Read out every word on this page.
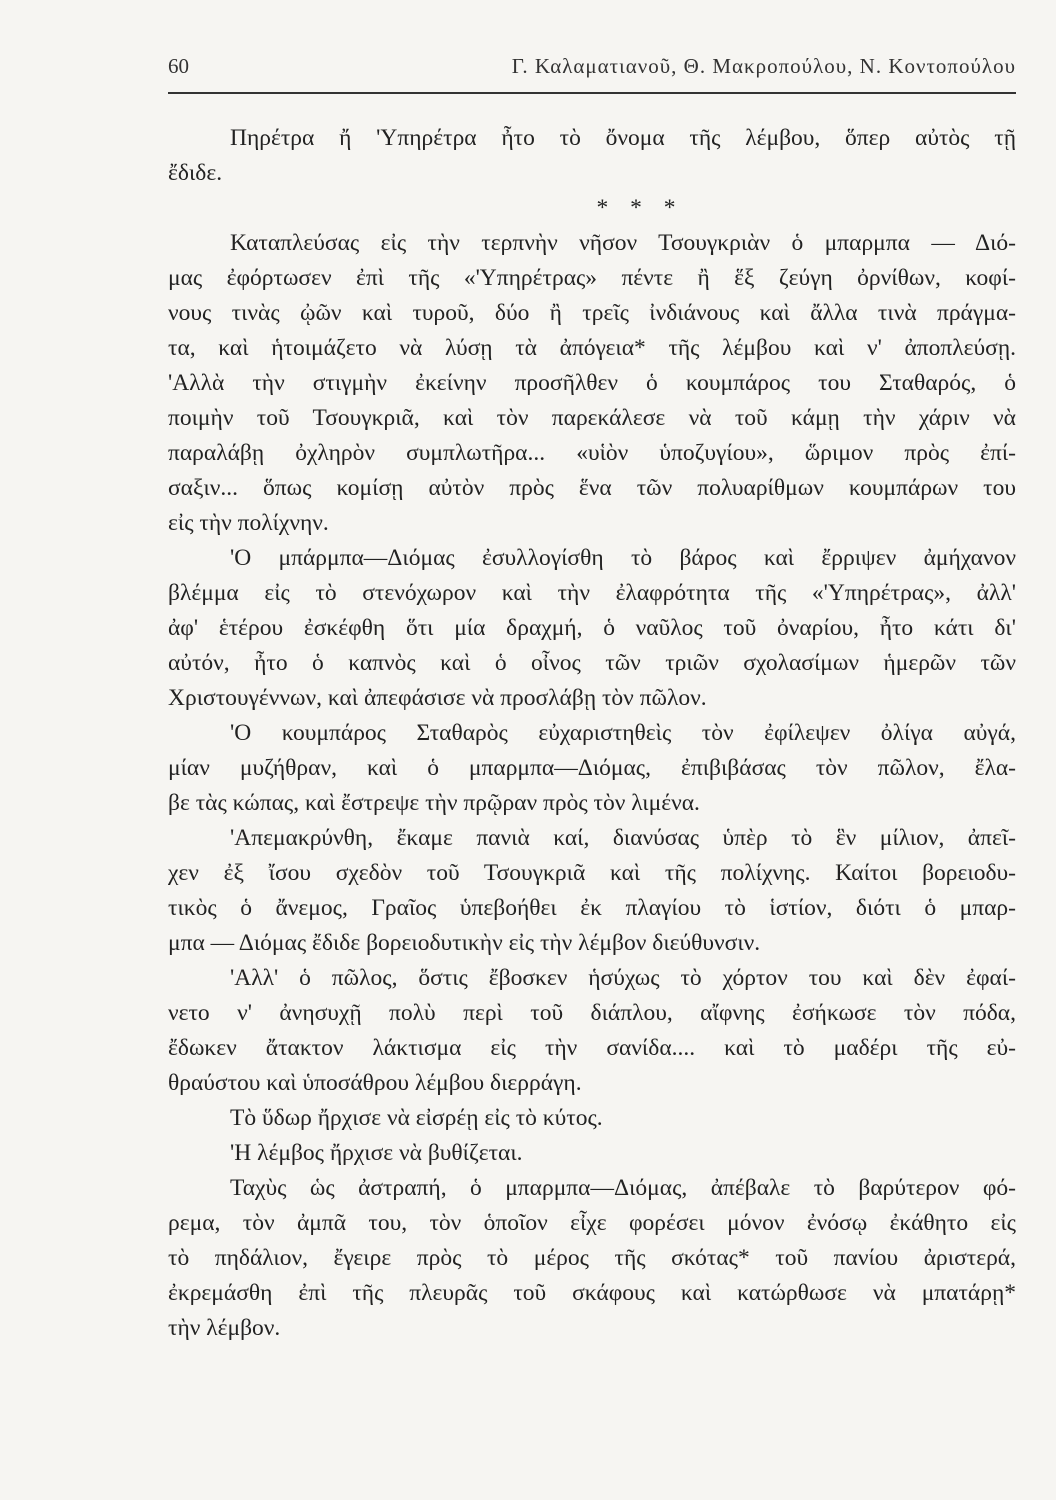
60	Γ. Καλαματιανοῦ, Θ. Μακροπούλου, Ν. Κοντοπούλου
Πηρέτρα ἤ 'Υπηρέτρα ἦτο τὸ ὄνομα τῆς λέμβου, ὅπερ αὐτὸς τῇ
ἔδιδε.
* * *
Καταπλεύσας εἰς τὴν τερπνὴν νῆσον Τσουγκριὰν ὁ μπαρμπα — Διό-
μας ἐφόρτωσεν ἐπὶ τῆς «'Υπηρέτρας» πέντε ἢ ἕξ ζεύγη ὀρνίθων, κοφί-
νους τινὰς ᾠῶν καὶ τυροῦ, δύο ἢ τρεῖς ἰνδιάνους καὶ ἄλλα τινὰ πράγμα-
τα, καὶ ἡτοιμάζετο νὰ λύσῃ τὰ ἀπόγεια* τῆς λέμβου καὶ ν' ἀποπλεύσῃ.
'Αλλὰ τὴν στιγμὴν ἐκείνην προσῆλθεν ὁ κουμπάρος του Σταθαρός, ὁ
ποιμὴν τοῦ Τσουγκριᾶ, καὶ τὸν παρεκάλεσε νὰ τοῦ κάμῃ τὴν χάριν νὰ
παραλάβῃ ὀχληρὸν συμπλωτῆρα... «υἱὸν ὑποζυγίου», ὥριμον πρὸς ἐπί-
σαξιν... ὅπως κομίσῃ αὐτὸν πρὸς ἕνα τῶν πολυαρίθμων κουμπάρων του
εἰς τὴν πολίχνην.
'Ο μπάρμπα—Διόμας ἐσυλλογίσθη τὸ βάρος καὶ ἔρριψεν ἀμήχανον
βλέμμα εἰς τὸ στενόχωρον καὶ τὴν ἐλαφρότητα τῆς «'Υπηρέτρας», ἀλλ'
ἀφ' ἑτέρου ἐσκέφθη ὅτι μία δραχμή, ὁ ναῦλος τοῦ ὀναρίου, ἦτο κάτι δι'
αὐτόν, ἦτο ὁ καπνὸς καὶ ὁ οἶνος τῶν τριῶν σχολασίμων ἡμερῶν τῶν
Χριστουγέννων, καὶ ἀπεφάσισε νὰ προσλάβῃ τὸν πῶλον.
'Ο κουμπάρος Σταθαρὸς εὐχαριστηθεὶς τὸν ἐφίλεψεν ὀλίγα αὐγά,
μίαν μυζήθραν, καὶ ὁ μπαρμπα—Διόμας, ἐπιβιβάσας τὸν πῶλον, ἔλα-
βε τὰς κώπας, καὶ ἔστρεψε τὴν πρῷραν πρὸς τὸν λιμένα.
'Απεμακρύνθη, ἔκαμε πανιὰ καί, διανύσας ὑπὲρ τὸ ἓν μίλιον, ἀπεῖ-
χεν ἐξ ἴσου σχεδὸν τοῦ Τσουγκριᾶ καὶ τῆς πολίχνης. Καίτοι βορειοδυ-
τικὸς ὁ ἄνεμος, Γραῖος ὑπεβοήθει ἐκ πλαγίου τὸ ἱστίον, διότι ὁ μπαρ-
μπα — Διόμας ἔδιδε βορειοδυτικὴν εἰς τὴν λέμβον διεύθυνσιν.
'Αλλ' ὁ πῶλος, ὅστις ἔβοσκεν ἡσύχως τὸ χόρτον του καὶ δὲν ἐφαί-
νετο ν' ἀνησυχῇ πολὺ περὶ τοῦ διάπλου, αἴφνης ἐσήκωσε τὸν πόδα,
ἔδωκεν ἄτακτον λάκτισμα εἰς τὴν σανίδα.... καὶ τὸ μαδέρι τῆς εὐ-
θραύστου καὶ ὑποσάθρου λέμβου διερράγη.
Τὸ ὕδωρ ἤρχισε νὰ εἰσρέῃ εἰς τὸ κύτος.
'Η λέμβος ἤρχισε νὰ βυθίζεται.
Ταχὺς ὡς ἀστραπή, ὁ μπαρμπα—Διόμας, ἀπέβαλε τὸ βαρύτερον φό-
ρεμα, τὸν ἀμπᾶ του, τὸν ὁποῖον εἶχε φορέσει μόνον ἐνόσῳ ἐκάθητο εἰς
τὸ πηδάλιον, ἔγειρε πρὸς τὸ μέρος τῆς σκότας* τοῦ πανίου ἀριστερά,
ἐκρεμάσθη ἐπὶ τῆς πλευρᾶς τοῦ σκάφους καὶ κατώρθωσε νὰ μπατάρῃ*
τὴν λέμβον.
